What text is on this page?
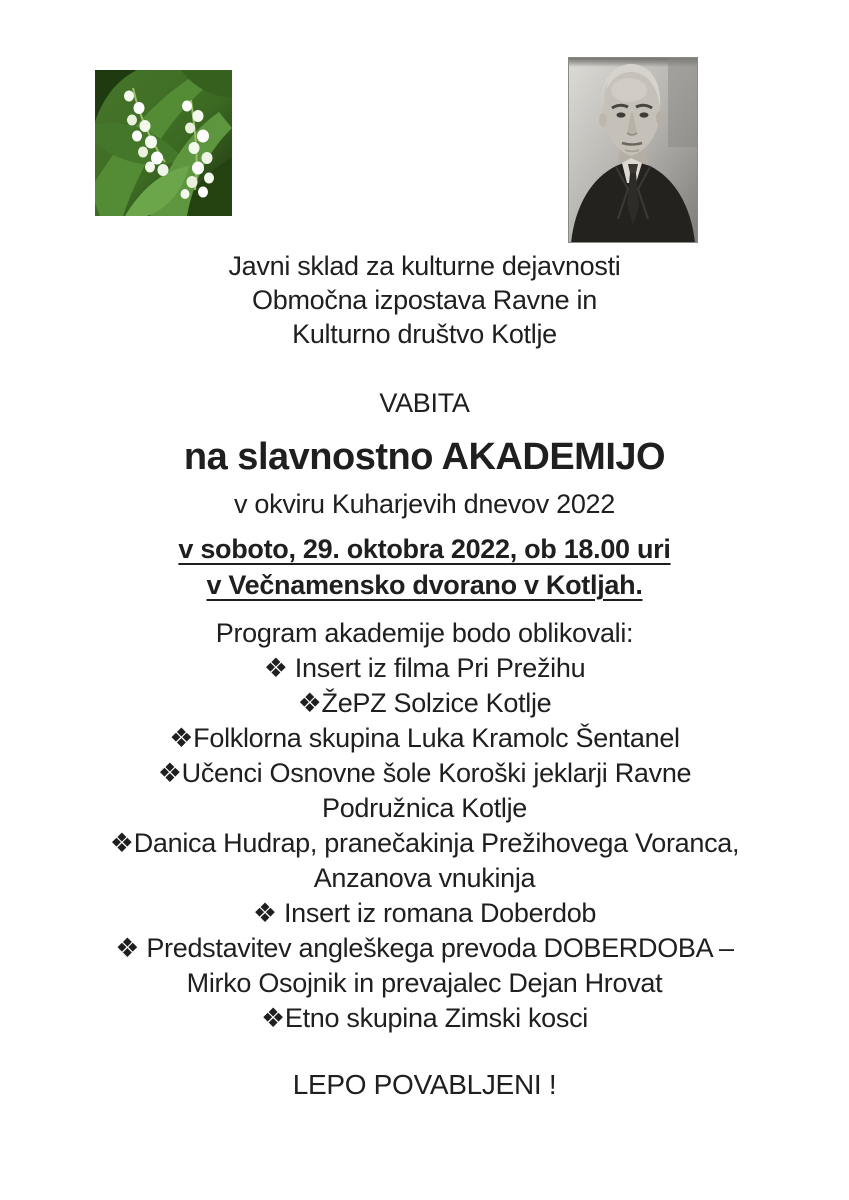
Javni sklad za kulturne dejavnosti
Območna izpostava Ravne in
Kulturno društvo Kotlje
VABITA
na slavnostno AKADEMIJO
v okviru Kuharjevih dnevov 2022
v soboto, 29. oktobra 2022, ob 18.00 uri
v Večnamensko dvorano v Kotljah.
Program akademije bodo oblikovali:
❖ Insert iz filma Pri Prežihu
❖ŽePZ Solzice Kotlje
❖Folklorna skupina Luka Kramolc Šentanel
❖Učenci Osnovne šole Koroški jeklarji Ravne
Podružnica Kotlje
❖Danica Hudrap, pranečakinja Prežihovega Voranca,
Anzanova vnukinja
❖ Insert iz romana Doberdob
❖ Predstavitev angleškega prevoda DOBERDOBA –
Mirko Osojnik in prevajalec Dejan Hrovat
❖Etno skupina Zimski kosci
LEPO POVABLJENI !
